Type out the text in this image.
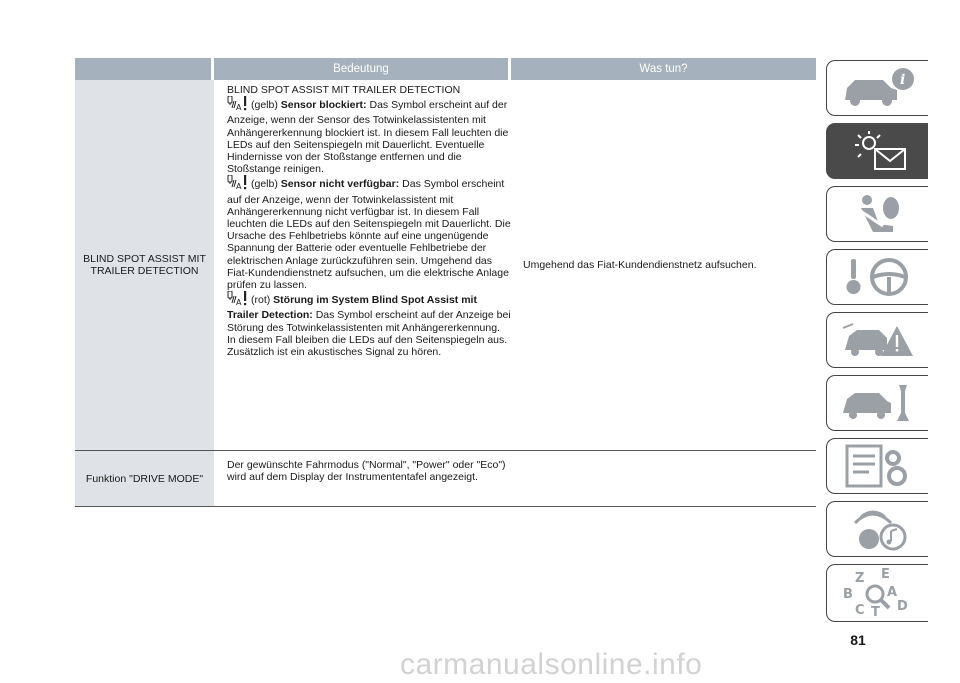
Bedeutung	Was tun?
BLIND SPOT ASSIST MIT TRAILER DETECTION

BLIND SPOT ASSIST MIT TRAILER DETECTION

A (gelb) Sensor blockiert: Das Symbol erscheint auf der Anzeige, wenn der Sensor des Totwinkelassistenten mit Anhängererkennung blockiert ist. In diesem Fall leuchten die LEDs auf den Seitenspiegeln mit Dauerlicht. Eventuelle Hindernisse von der Stoßstange entfernen und die Stoßstange reinigen.

A (gelb) Sensor nicht verfügbar: Das Symbol erscheint auf der Anzeige, wenn der Totwinkelassistent mit Anhängererkennung nicht verfügbar ist. In diesem Fall leuchten die LEDs auf den Seitenspiegeln mit Dauerlicht. Die Ursache des Fehlbetriebs könnte auf eine ungenügende Spannung der Batterie oder eventuelle Fehlbetriebe der elektrischen Anlage zurückzuführen sein. Umgehend das Fiat-Kundendienstnetz aufsuchen, um die elektrische Anlage prüfen zu lassen.

A (rot) Störung im System Blind Spot Assist mit Trailer Detection: Das Symbol erscheint auf der Anzeige bei Störung des Totwinkelassistenten mit Anhängererkennung. In diesem Fall bleiben die LEDs auf den Seitenspiegeln aus. Zusätzlich ist ein akustisches Signal zu hören.

Umgehend das Fiat-Kundendienstnetz aufsuchen.
Funktion "DRIVE MODE"
Der gewünschte Fahrmodus ("Normal", "Power" oder "Eco") wird auf dem Display der Instrumententafel angezeigt.
i
Z E
B	A
C T D
81
carmanualsonline.info
